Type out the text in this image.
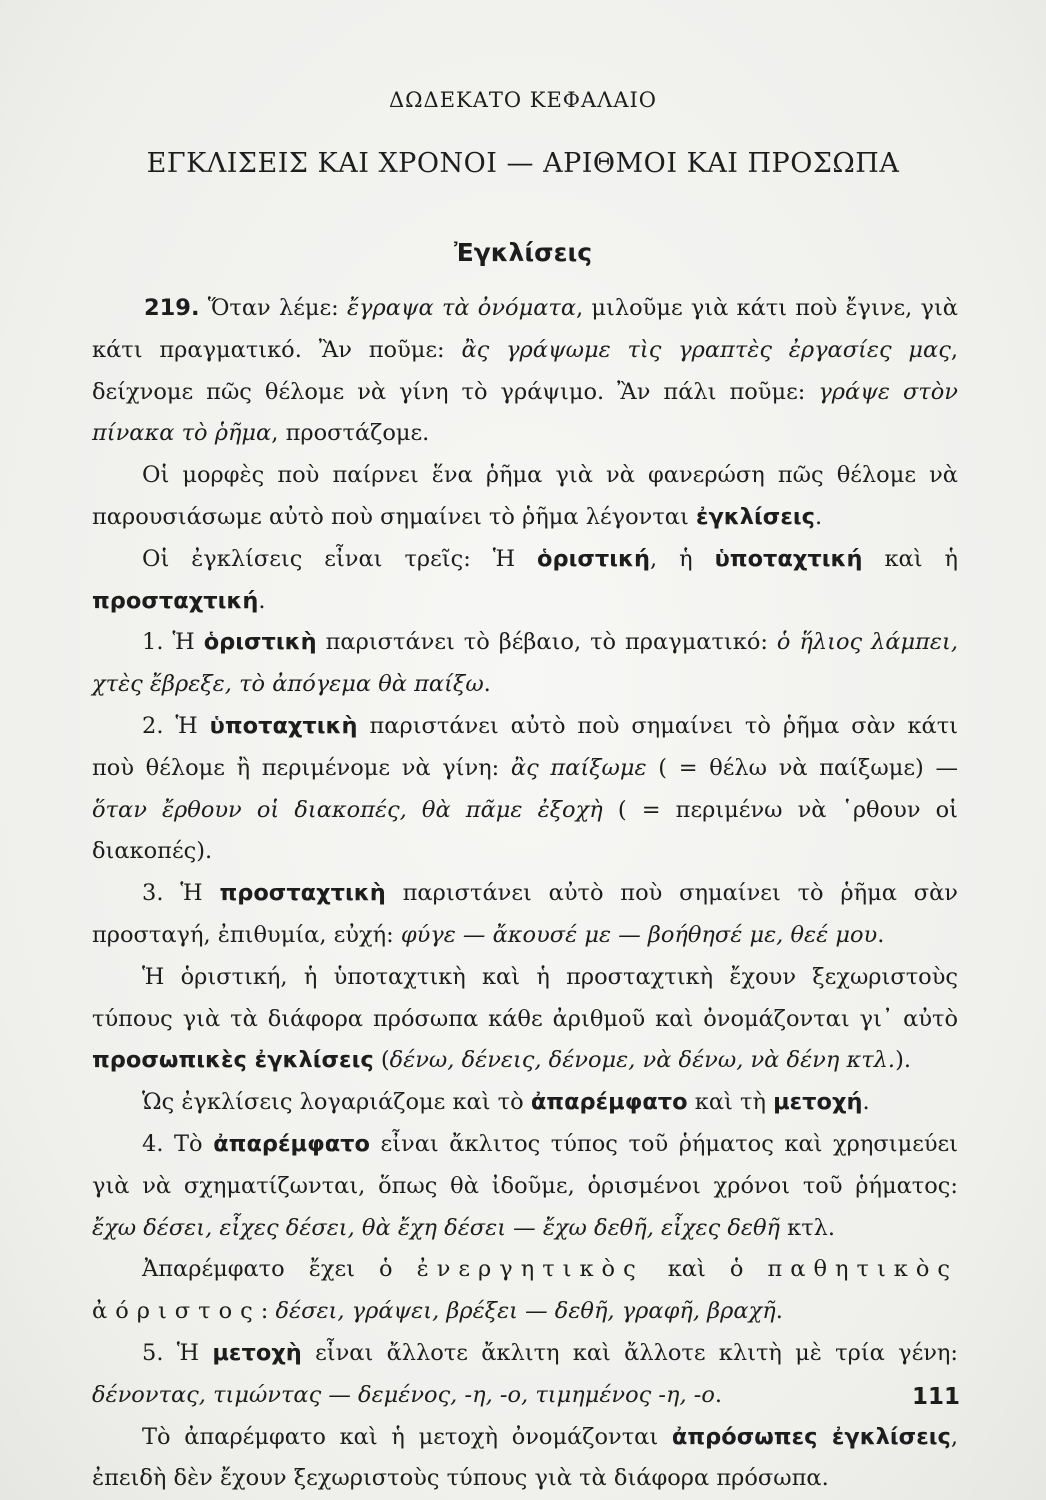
ΔΩΔΕΚΑΤΟ ΚΕΦΑΛΑΙΟ
ΕΓΚΛΙΣΕΙΣ ΚΑΙ ΧΡΟΝΟΙ — ΑΡΙΘΜΟΙ ΚΑΙ ΠΡΟΣΩΠΑ
Ἐγκλίσεις

219. Ὅταν λέμε: ἔγραψα τὰ ὀνόματα, μιλοῦμε γιὰ κάτι ποὺ ἔγινε, γιὰ κάτι πραγματικό. Ἂν ποῦμε: ἂς γράψωμε τὶς γραπτὲς ἐργασίες μας, δείχνομε πῶς θέλομε νὰ γίνη τὸ γράψιμο. Ἂν πάλι ποῦμε: γράψε στὸν πίνακα τὸ ῥῆμα, προστάζομε.

Οἱ μορφὲς ποὺ παίρνει ἕνα ῥῆμα γιὰ νὰ φανερώση πῶς θέλομε νὰ παρουσιάσωμε αὐτὸ ποὺ σημαίνει τὸ ῥῆμα λέγονται ἐγκλίσεις.

Οἱ ἐγκλίσεις εἶναι τρεῖς: Ἡ ὁριστική, ἡ ὑποταχτική καὶ ἡ προσταχτική.

1. Ἡ ὁριστικὴ παριστάνει τὸ βέβαιο, τὸ πραγματικό: ὁ ἥλιος λάμπει, χτὲς ἔβρεξε, τὸ ἀπόγεμα θὰ παίξω.

2. Ἡ ὑποταχτικὴ παριστάνει αὐτὸ ποὺ σημαίνει τὸ ῥῆμα σὰν κάτι ποὺ θέλομε ἢ περιμένομε νὰ γίνη: ἂς παίξωμε ( = θέλω νὰ παίξωμε) — ὅταν ἔρθουν οἱ διακοπές, θὰ πᾶμε ἐξοχὴ ( = περιμένω νὰ ῾ρθουν οἱ διακοπές).

3. Ἡ προσταχτικὴ παριστάνει αὐτὸ ποὺ σημαίνει τὸ ῥῆμα σὰν προσταγή, ἐπιθυμία, εὐχή: φύγε — ἄκουσέ με — βοήθησέ με, θεέ μου.

Ἡ ὁριστική, ἡ ὑποταχτικὴ καὶ ἡ προσταχτικὴ ἔχουν ξεχωριστοὺς τύπους γιὰ τὰ διάφορα πρόσωπα κάθε ἀριθμοῦ καὶ ὀνομάζονται γι᾽ αὐτὸ προσωπικὲς ἐγκλίσεις (δένω, δένεις, δένομε, νὰ δένω, νὰ δένη κτλ.).

Ὡς ἐγκλίσεις λογαριάζομε καὶ τὸ ἀπαρέμφατο καὶ τὴ μετοχή.

4. Τὸ ἀπαρέμφατο εἶναι ἄκλιτος τύπος τοῦ ῥήματος καὶ χρησιμεύει γιὰ νὰ σχηματίζωνται, ὅπως θὰ ἰδοῦμε, ὁρισμένοι χρόνοι τοῦ ῥήματος: ἔχω δέσει, εἶχες δέσει, θὰ ἔχη δέσει — ἔχω δεθῆ, εἶχες δεθῆ κτλ.

Ἀπαρέμφατο ἔχει ὁ ἐνεργητικὸς καὶ ὁ παθητικὸς ἀόριστος: δέσει, γράψει, βρέξει — δεθῆ, γραφῆ, βραχῆ.

5. Ἡ μετοχὴ εἶναι ἄλλοτε ἄκλιτη καὶ ἄλλοτε κλιτὴ μὲ τρία γένη: δένοντας, τιμώντας — δεμένος, -η, -ο, τιμημένος -η, -ο.

Τὸ ἀπαρέμφατο καὶ ἡ μετοχὴ ὀνομάζονται ἀπρόσωπες ἐγκλίσεις, ἐπειδὴ δὲν ἔχουν ξεχωριστοὺς τύπους γιὰ τὰ διάφορα πρόσωπα.

111
